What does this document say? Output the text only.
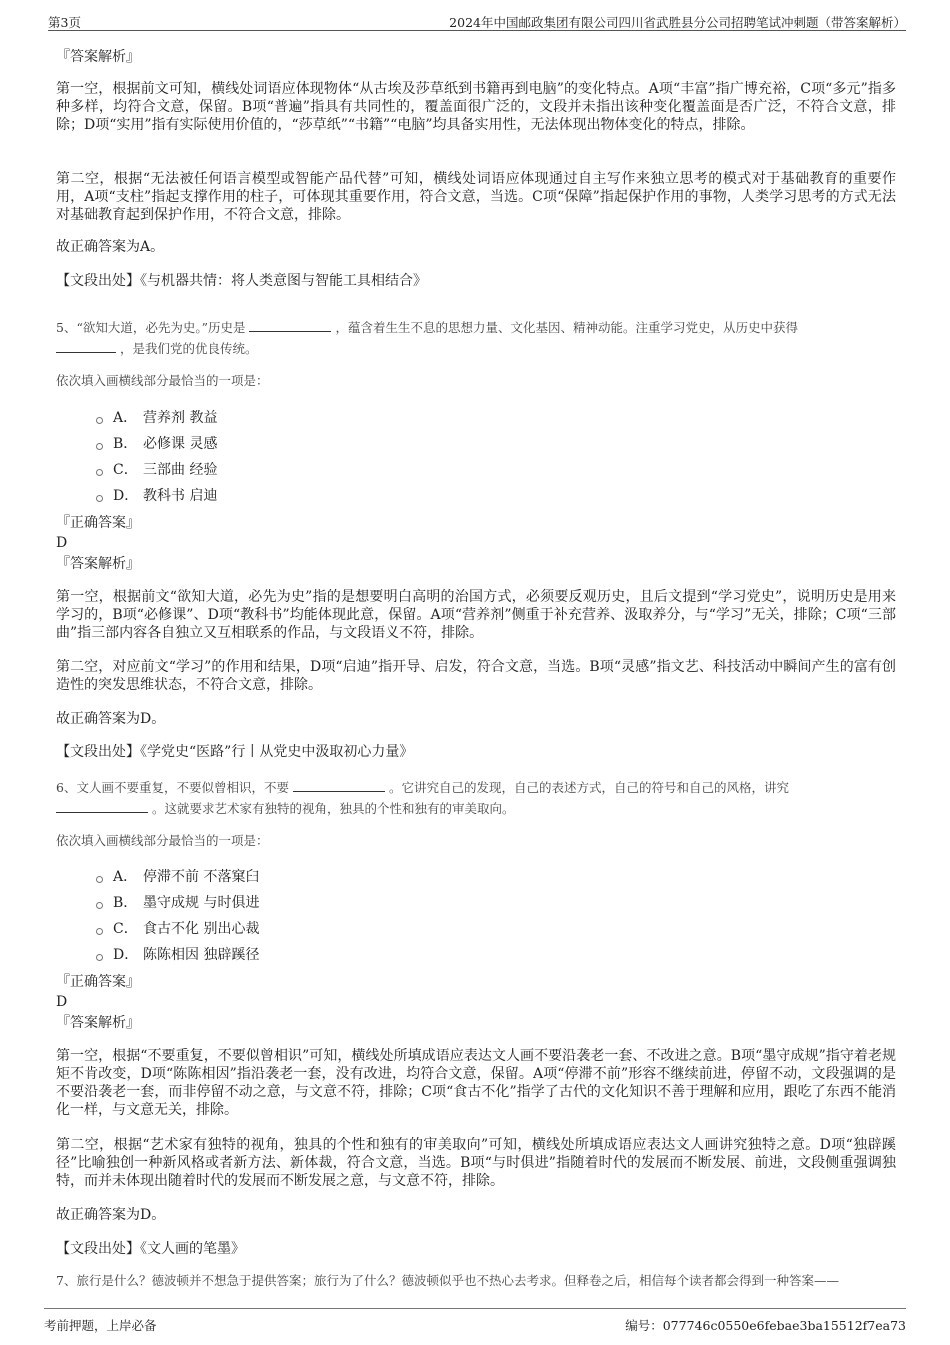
第3页	2024年中国邮政集团有限公司四川省武胜县分公司招聘笔试冲刺题（带答案解析）
『答案解析』
第一空，根据前文可知，横线处词语应体现物体“从古埃及莎草纸到书籍再到电脑”的变化特点。A项“丰富”指广博充裕，C项“多元”指多种多样，均符合文意，保留。B项“普遍”指具有共同性的，覆盖面很广泛的，文段并未指出该种变化覆盖面是否广泛，不符合文意，排除；D项“实用”指有实际使用价值的，“莎草纸”“书籍”“电脑”均具备实用性，无法体现出物体变化的特点，排除。
第二空，根据“无法被任何语言模型或智能产品代替”可知，横线处词语应体现通过自主写作来独立思考的模式对于基础教育的重要作用，A项“支柱”指起支撑作用的柱子，可体现其重要作用，符合文意，当选。C项“保障”指起保护作用的事物，人类学习思考的方式无法对基础教育起到保护作用，不符合文意，排除。
故正确答案为A。
【文段出处】《与机器共情：将人类意图与智能工具相结合》
5、“欲知大道，必先为史。”历史是	，蕴含着生生不息的思想力量、文化基因、精神动能。注重学习党史，从历史中获得
，是我们党的优良传统。
依次填入画横线部分最恰当的一项是：
A． 营养剂 教益
B． 必修课 灵感
C． 三部曲 经验
D． 教科书 启迪
『正确答案』
D
『答案解析』
第一空，根据前文“欲知大道，必先为史”指的是想要明白高明的治国方式，必须要反观历史，且后文提到“学习党史”，说明历史是用来学习的，B项“必修课”、D项“教科书”均能体现此意，保留。A项“营养剂”侧重于补充营养、汲取养分，与“学习”无关，排除；C项“三部曲”指三部内容各自独立又互相联系的作品，与文段语义不符，排除。
第二空，对应前文“学习”的作用和结果，D项“启迪”指开导、启发，符合文意，当选。B项“灵感”指文艺、科技活动中瞬间产生的富有创造性的突发思维状态，不符合文意，排除。
故正确答案为D。
【文段出处】《学党史“医路”行丨从党史中汲取初心力量》
6、文人画不要重复，不要似曾相识，不要	。它讲究自己的发现，自己的表述方式，自己的符号和自己的风格，讲究
。这就要求艺术家有独特的视角，独具的个性和独有的审美取向。
依次填入画横线部分最恰当的一项是：
A． 停滞不前 不落窠臼
B． 墨守成规 与时俱进
C． 食古不化 别出心裁
D． 陈陈相因 独辟蹊径
『正确答案』
D
『答案解析』
第一空，根据“不要重复，不要似曾相识”可知，横线处所填成语应表达文人画不要沿袭老一套、不改进之意。B项“墨守成规”指守着老规矩不肯改变，D项“陈陈相因”指沿袭老一套，没有改进，均符合文意，保留。A项“停滞不前”形容不继续前进，停留不动，文段强调的是不要沿袭老一套，而非停留不动之意，与文意不符，排除；C项“食古不化”指学了古代的文化知识不善于理解和应用，跟吃了东西不能消化一样，与文意无关，排除。
第二空，根据“艺术家有独特的视角，独具的个性和独有的审美取向”可知，横线处所填成语应表达文人画讲究独特之意。D项“独辟蹊径”比喻独创一种新风格或者新方法、新体裁，符合文意，当选。B项“与时俱进”指随着时代的发展而不断发展、前进，文段侧重强调独特，而并未体现出随着时代的发展而不断发展之意，与文意不符，排除。
故正确答案为D。
【文段出处】《文人画的笔墨》
7、旅行是什么？德波顿并不想急于提供答案；旅行为了什么？德波顿似乎也不热心去考求。但释卷之后，相信每个读者都会得到一种答案——
考前押题，上岸必备	编号：077746c0550e6febae3ba15512f7ea73
